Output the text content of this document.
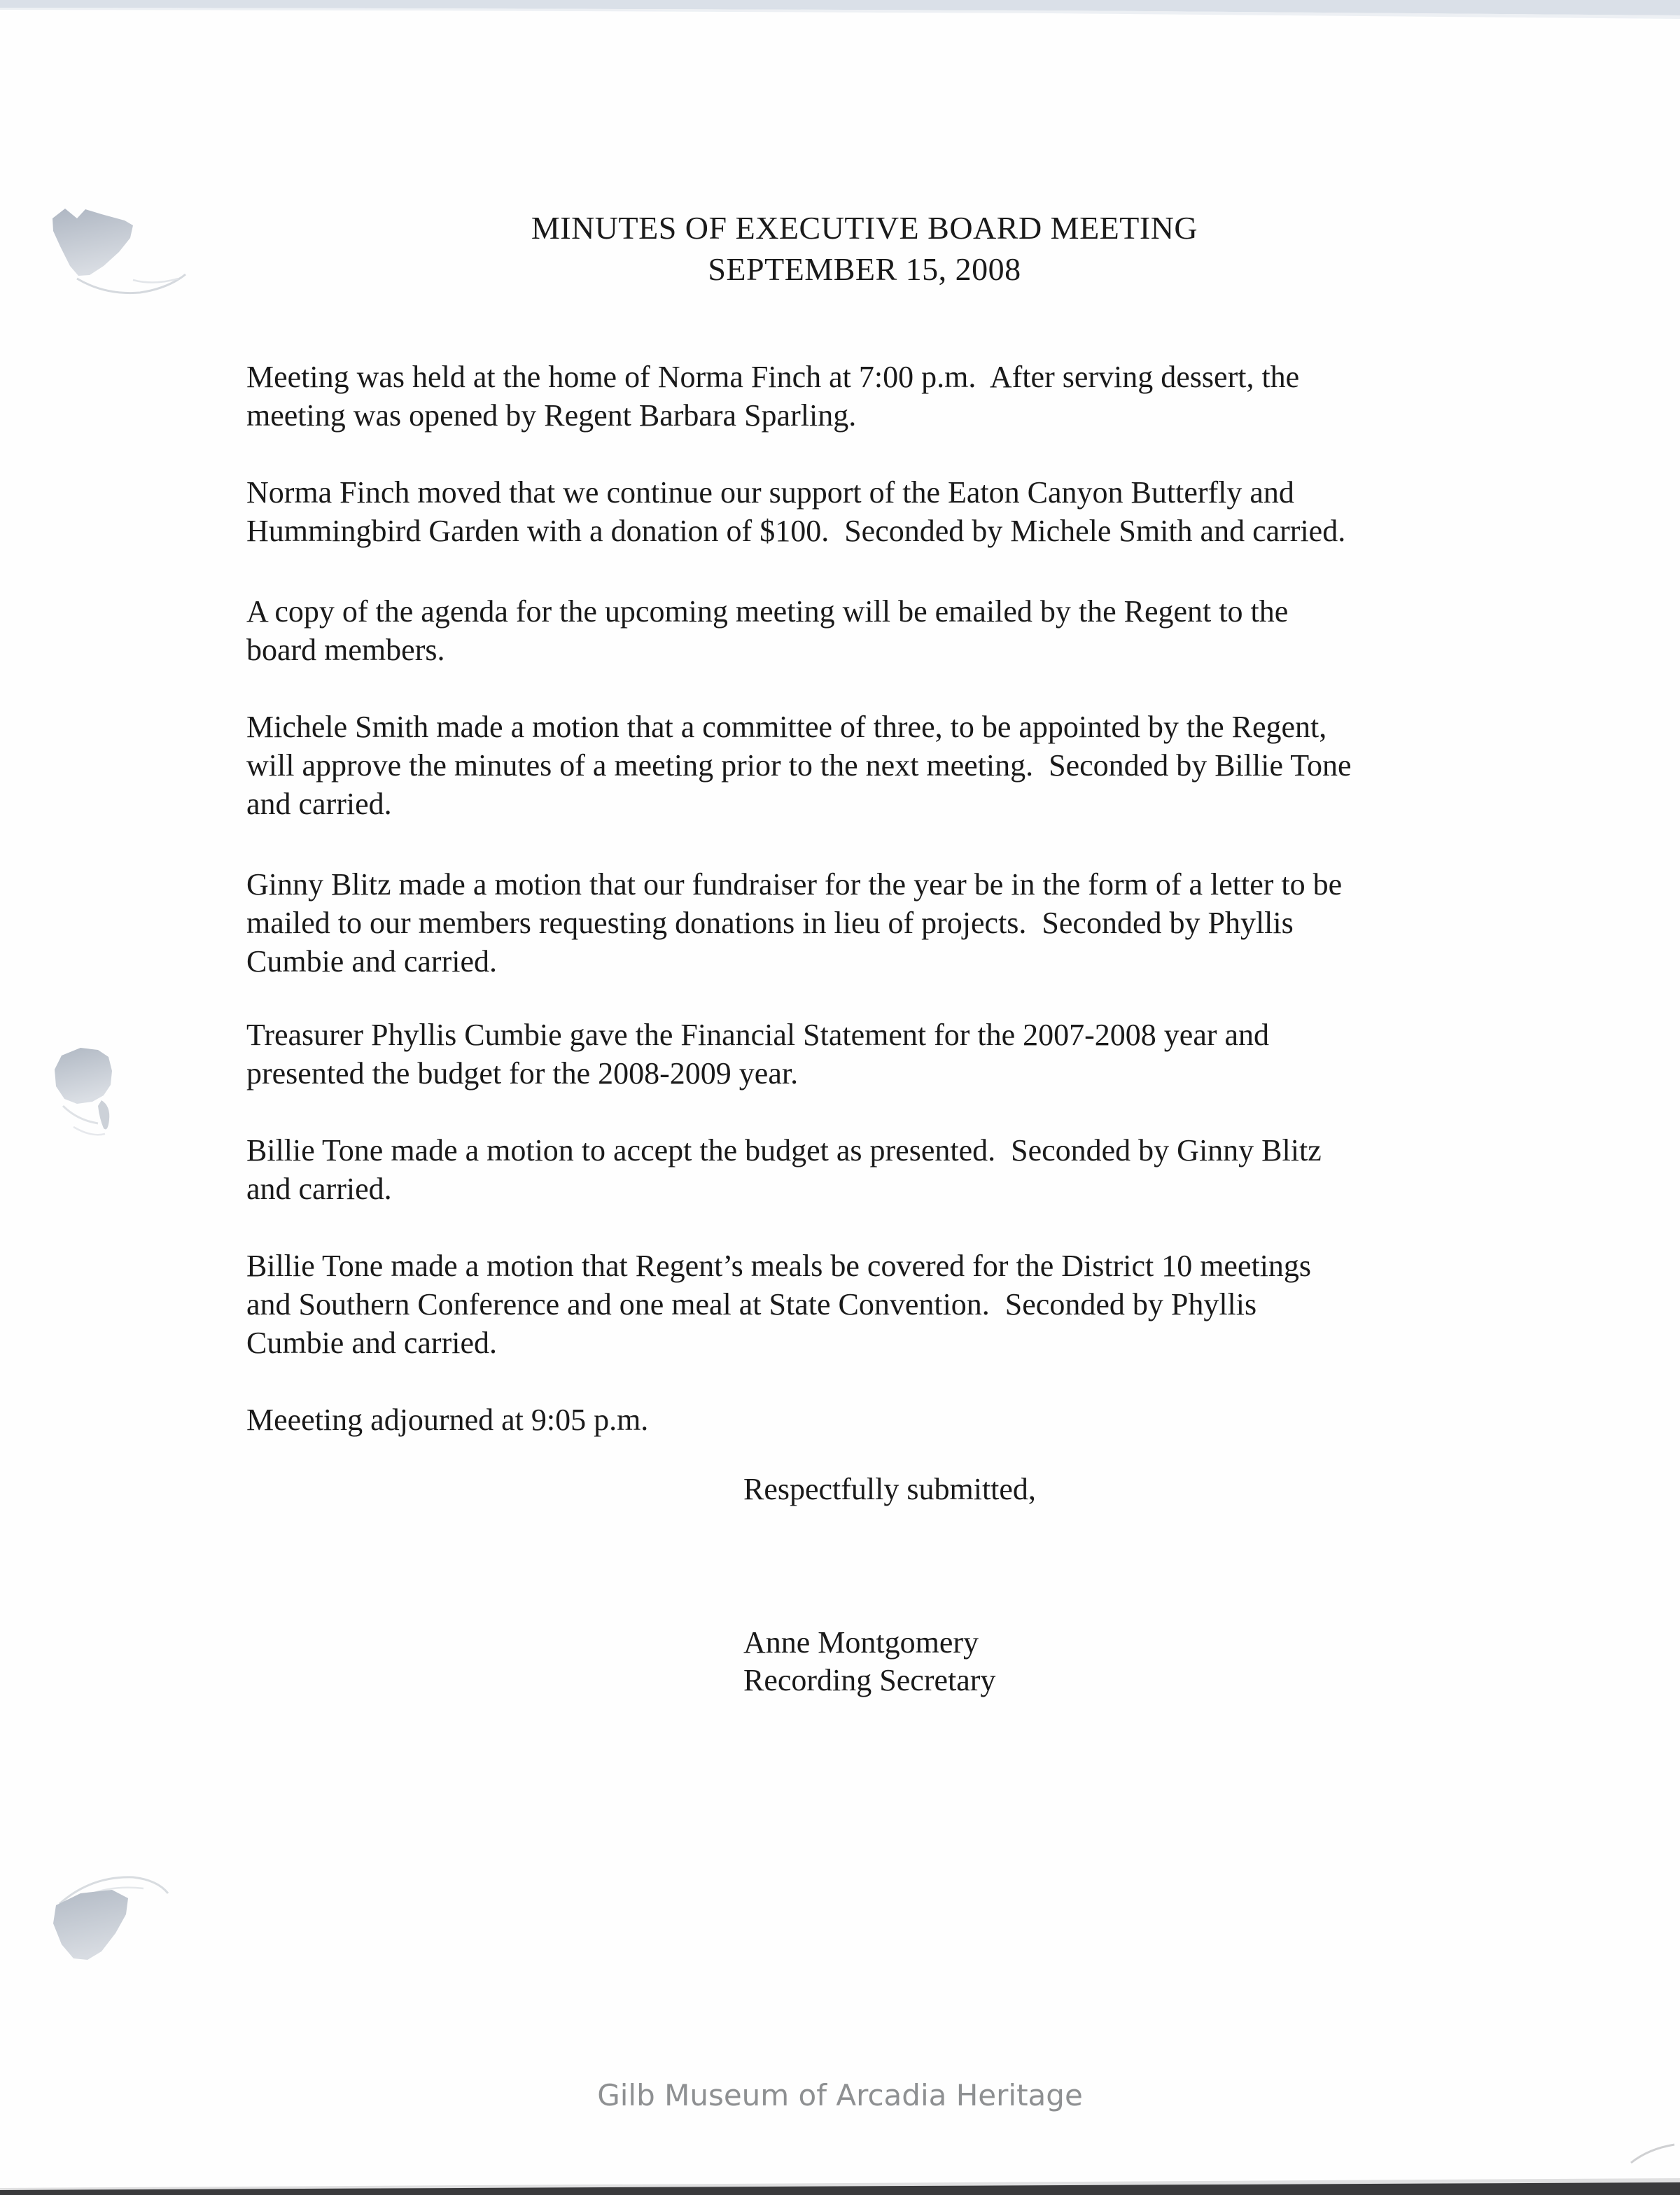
MINUTES OF EXECUTIVE BOARD MEETING
SEPTEMBER 15, 2008
Meeting was held at the home of Norma Finch at 7:00 p.m.  After serving dessert, the
meeting was opened by Regent Barbara Sparling.
Norma Finch moved that we continue our support of the Eaton Canyon Butterfly and
Hummingbird Garden with a donation of $100.  Seconded by Michele Smith and carried.
A copy of the agenda for the upcoming meeting will be emailed by the Regent to the
board members.
Michele Smith made a motion that a committee of three, to be appointed by the Regent,
will approve the minutes of a meeting prior to the next meeting.  Seconded by Billie Tone
and carried.
Ginny Blitz made a motion that our fundraiser for the year be in the form of a letter to be
mailed to our members requesting donations in lieu of projects.  Seconded by Phyllis
Cumbie and carried.
Treasurer Phyllis Cumbie gave the Financial Statement for the 2007-2008 year and
presented the budget for the 2008-2009 year.
Billie Tone made a motion to accept the budget as presented.  Seconded by Ginny Blitz
and carried.
Billie Tone made a motion that Regent’s meals be covered for the District 10 meetings
and Southern Conference and one meal at State Convention.  Seconded by Phyllis
Cumbie and carried.
Meeeting adjourned at 9:05 p.m.
Respectfully submitted,
Anne Montgomery
Recording Secretary
Gilb Museum of Arcadia Heritage
